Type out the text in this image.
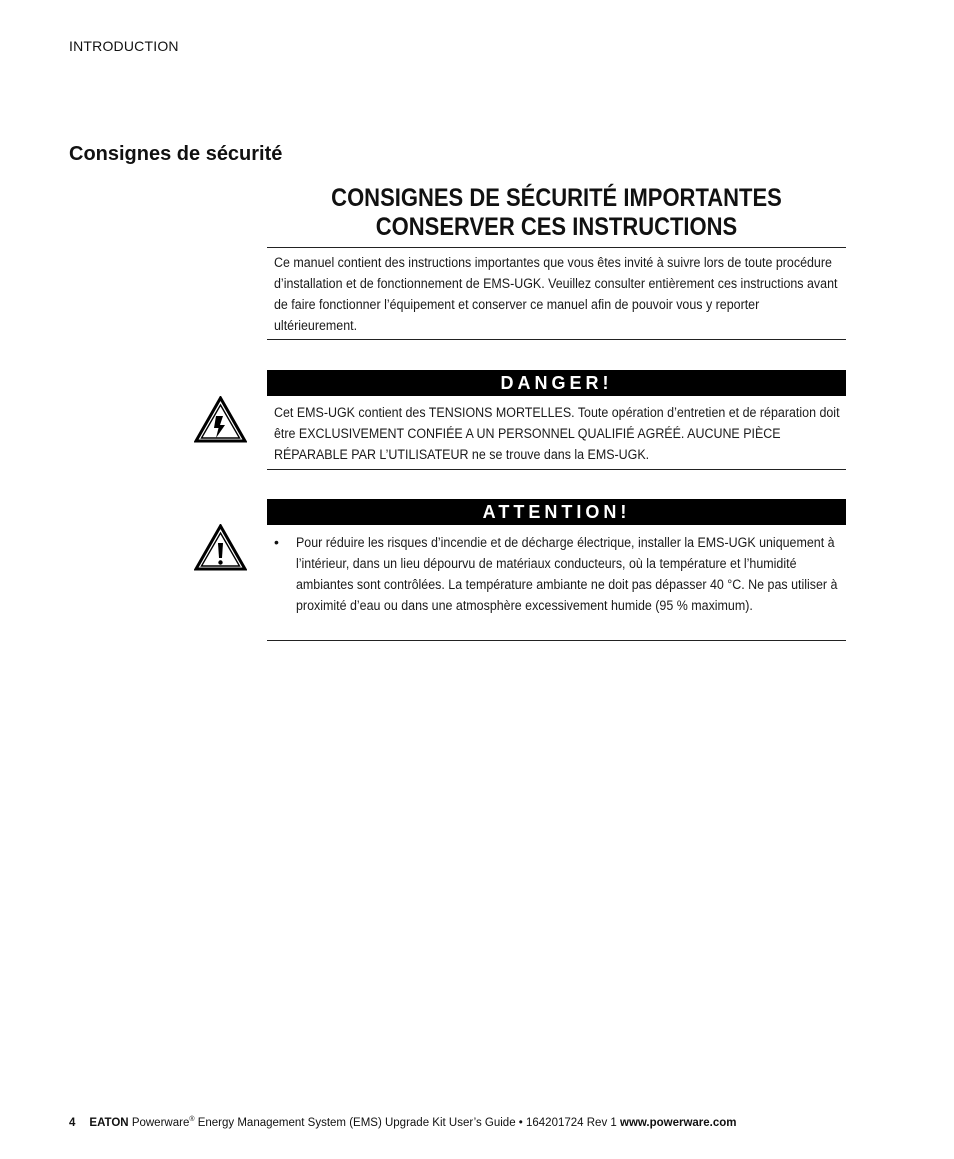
INTRODUCTION
Consignes de sécurité
CONSIGNES DE SÉCURITÉ IMPORTANTES
CONSERVER CES INSTRUCTIONS
Ce manuel contient des instructions importantes que vous êtes invité à suivre lors de toute procédure d’installation et de fonctionnement de EMS-UGK. Veuillez consulter entièrement ces instructions avant de faire fonctionner l’équipement et conserver ce manuel afin de pouvoir vous y reporter ultérieurement.
DANGER!
Cet EMS-UGK contient des TENSIONS MORTELLES. Toute opération d’entretien et de réparation doit être EXCLUSIVEMENT CONFIÉE A UN PERSONNEL QUALIFIÉ AGRÉÉ. AUCUNE PIÈCE RÉPARABLE PAR L’UTILISATEUR ne se trouve dans la EMS-UGK.
ATTENTION!
• Pour réduire les risques d’incendie et de décharge électrique, installer la EMS-UGK uniquement à l’intérieur, dans un lieu dépourvu de matériaux conducteurs, où la température et l’humidité ambiantes sont contrôlées. La température ambiante ne doit pas dépasser 40 °C. Ne pas utiliser à proximité d’eau ou dans une atmosphère excessivement humide (95 % maximum).
4 EATON Powerware® Energy Management System (EMS) Upgrade Kit User’s Guide • 164201724 Rev 1 www.powerware.com
